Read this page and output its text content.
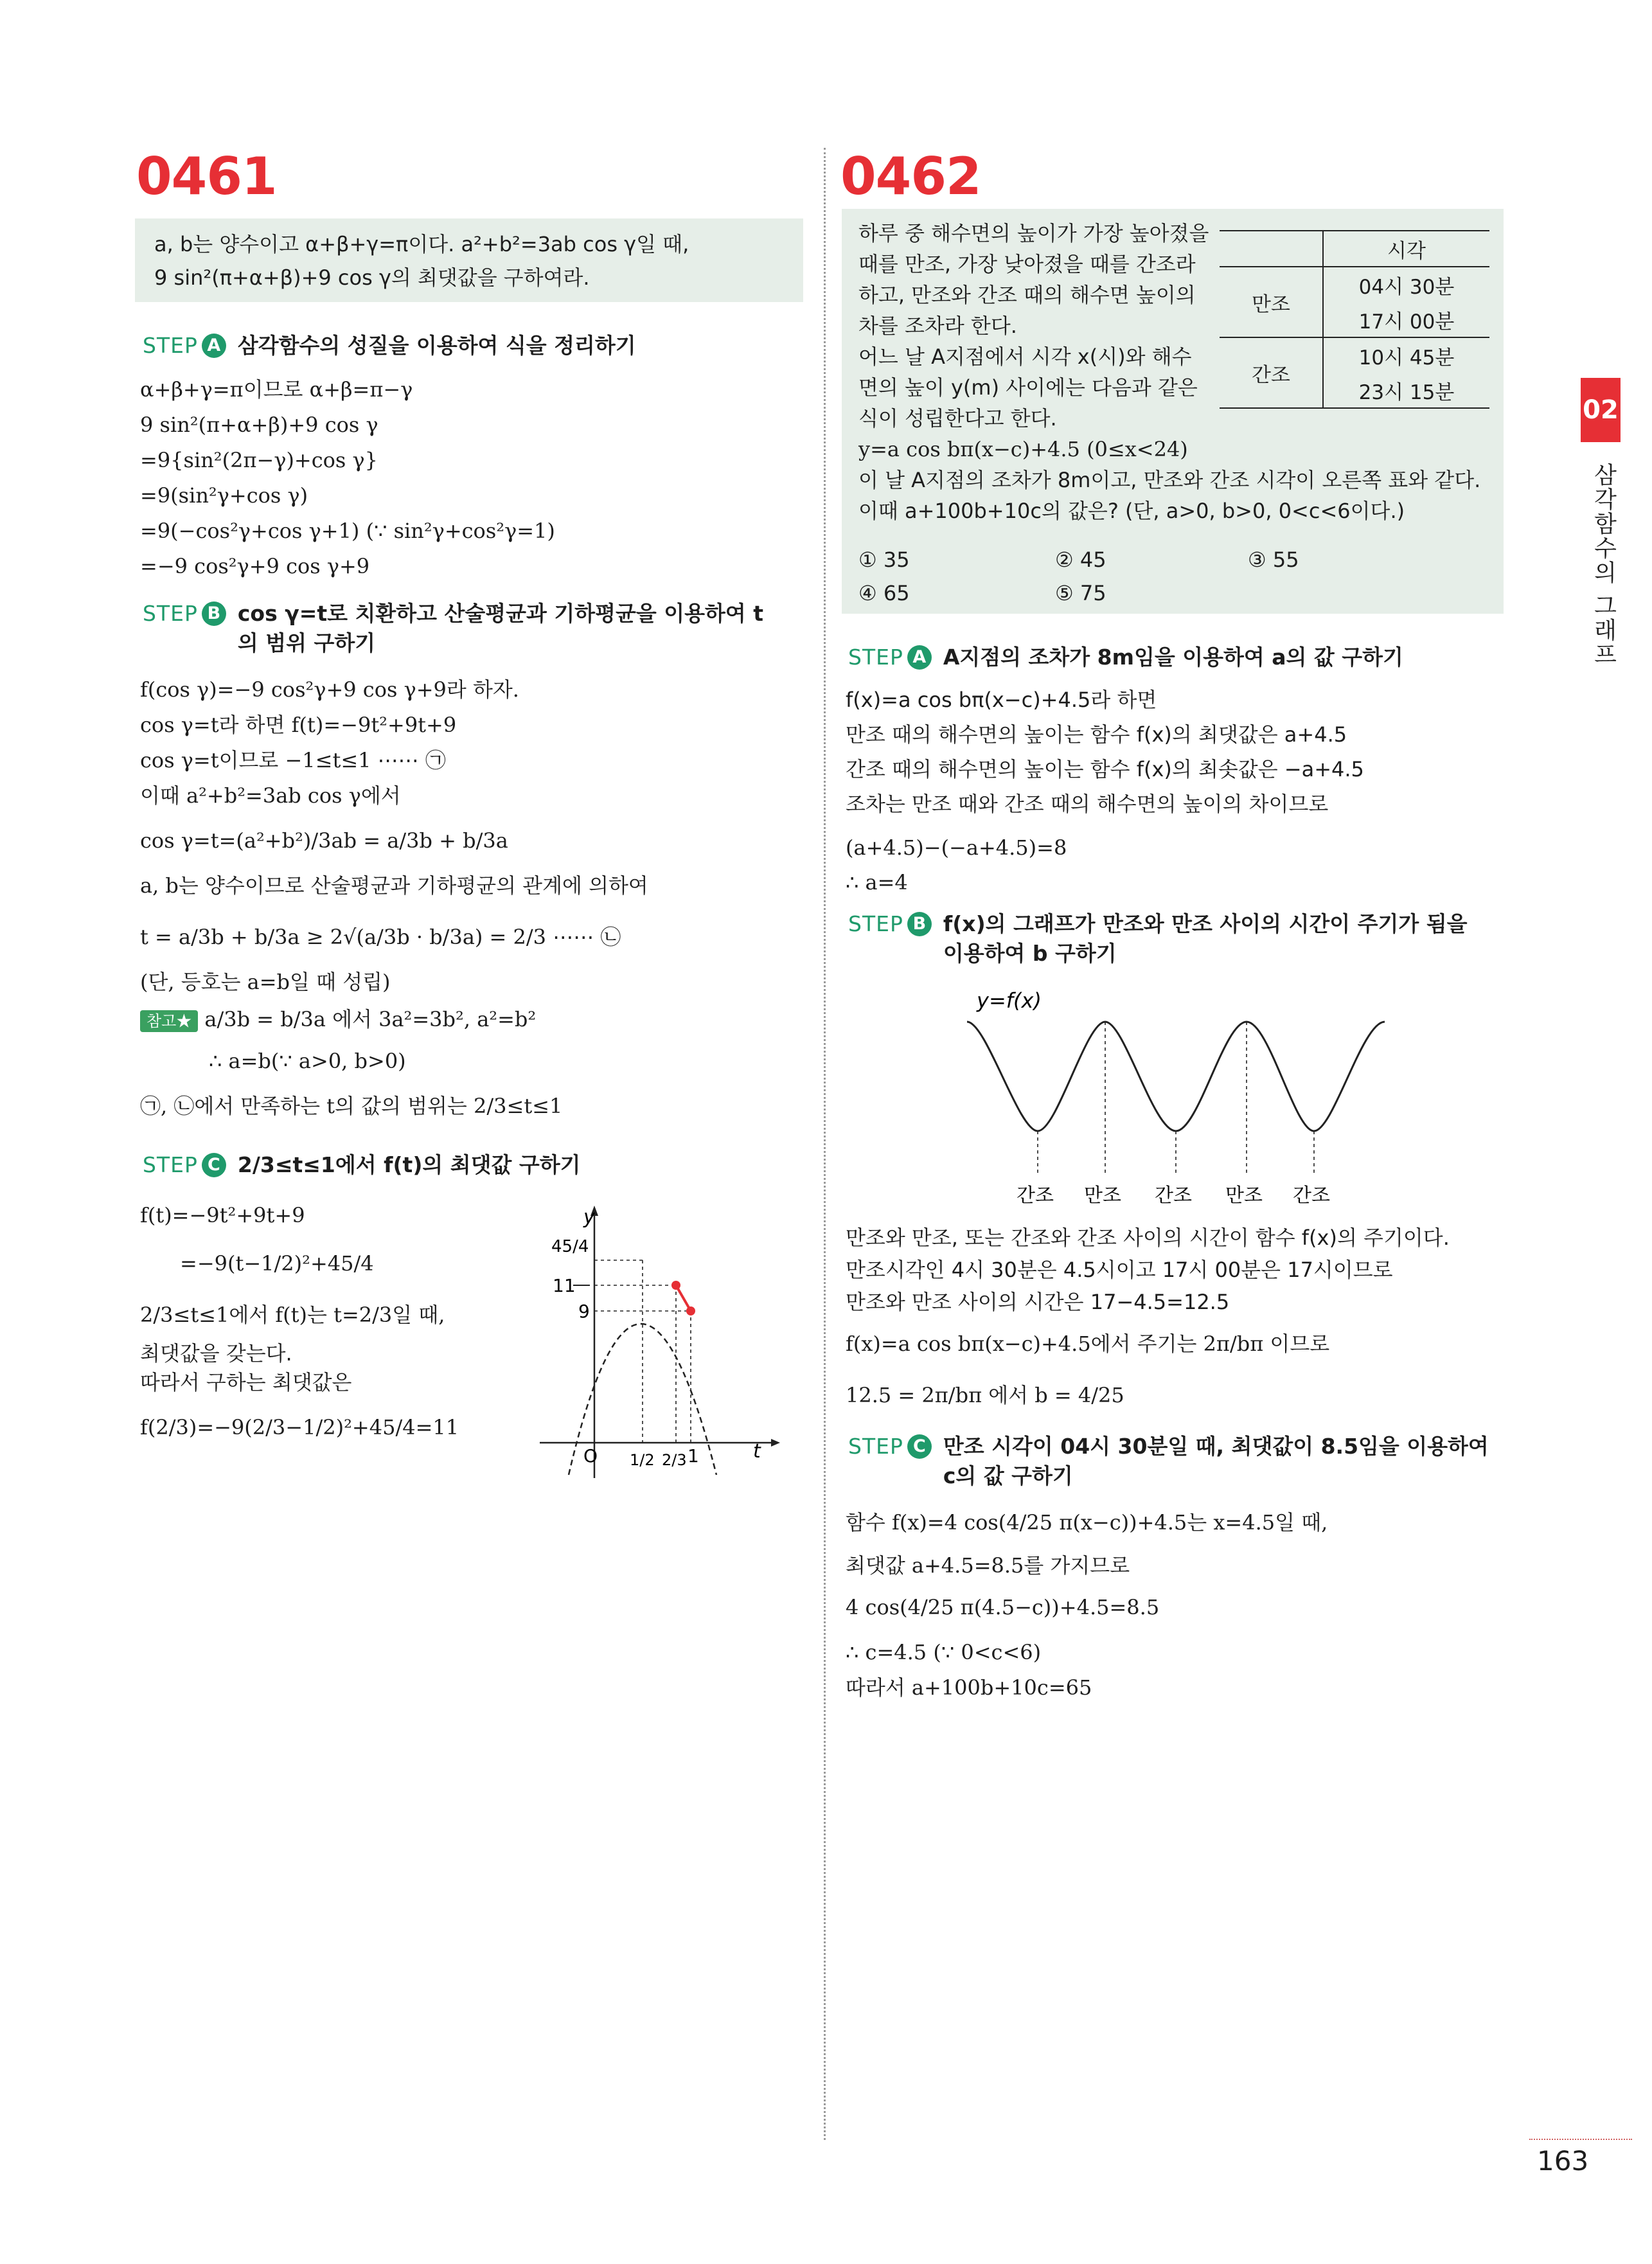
0461
a, b는 양수이고 α+β+γ=π이다. a²+b²=3ab cos γ일 때,
9 sin²(π+α+β)+9 cos γ의 최댓값을 구하여라.
STEP A 삼각함수의 성질을 이용하여 식을 정리하기
α+β+γ=π이므로 α+β=π−γ
9 sin²(π+α+β)+9 cos γ
=9{sin²(2π−γ)+cos γ}
=9(sin²γ+cos γ)
=9(−cos²γ+cos γ+1) (∵ sin²γ+cos²γ=1)
=−9 cos²γ+9 cos γ+9
STEP B cos γ=t로 치환하고 산술평균과 기하평균을 이용하여 t의 범위 구하기
f(cos γ)=−9 cos²γ+9 cos γ+9라 하자.
cos γ=t라 하면 f(t)=−9t²+9t+9
cos γ=t이므로 −1≤t≤1 ⋯⋯ ㉠
이때 a²+b²=3ab cos γ에서
cos γ=t=(a²+b²)/3ab = a/3b + b/3a
a, b는 양수이므로 산술평균과 기하평균의 관계에 의하여
t = a/3b + b/3a ≥ 2√(a/3b · b/3a) = 2/3 ⋯⋯ ㉡
(단, 등호는 a=b일 때 성립)
참고★ a/3b = b/3a 에서 3a²=3b², a²=b²
∴ a=b(∵ a>0, b>0)
㉠, ㉡에서 만족하는 t의 값의 범위는 2/3≤t≤1
STEP C 2/3≤t≤1에서 f(t)의 최댓값 구하기
f(t)=−9t²+9t+9
=−9(t−1/2)²+45/4
2/3≤t≤1에서 f(t)는 t=2/3일 때,
최댓값을 갖는다.
따라서 구하는 최댓값은
f(2/3)=−9(2/3−1/2)²+45/4=11
y
t
O
45/4
11
9
1/2 2/3 1
0462
하루 중 해수면의 높이가 가장 높아졌을
때를 만조, 가장 낮아졌을 때를 간조라
하고, 만조와 간조 때의 해수면 높이의
차를 조차라 한다.
어느 날 A지점에서 시각 x(시)와 해수
면의 높이 y(m) 사이에는 다음과 같은
식이 성립한다고 한다.
y=a cos bπ(x−c)+4.5 (0≤x<24)
이 날 A지점의 조차가 8m이고, 만조와 간조 시각이 오른쪽 표와 같다.
이때 a+100b+10c의 값은? (단, a>0, b>0, 0<c<6이다.)
	시각
만조	04시 30분
	17시 00분
간조	10시 45분
	23시 15분
① 35	② 45	③ 55
④ 65	⑤ 75
STEP A A지점의 조차가 8m임을 이용하여 a의 값 구하기
f(x)=a cos bπ(x−c)+4.5라 하면
만조 때의 해수면의 높이는 함수 f(x)의 최댓값은 a+4.5
간조 때의 해수면의 높이는 함수 f(x)의 최솟값은 −a+4.5
조차는 만조 때와 간조 때의 해수면의 높이의 차이므로
(a+4.5)−(−a+4.5)=8
∴ a=4
STEP B f(x)의 그래프가 만조와 만조 사이의 시간이 주기가 됨을 이용하여 b 구하기
y=f(x)
간조 만조 간조 만조 간조
만조와 만조, 또는 간조와 간조 사이의 시간이 함수 f(x)의 주기이다.
만조시각인 4시 30분은 4.5시이고 17시 00분은 17시이므로
만조와 만조 사이의 시간은 17−4.5=12.5
f(x)=a cos bπ(x−c)+4.5에서 주기는 2π/bπ 이므로
12.5 = 2π/bπ 에서 b = 4/25
STEP C 만조 시각이 04시 30분일 때, 최댓값이 8.5임을 이용하여 c의 값 구하기
함수 f(x)=4 cos(4/25 π(x−c))+4.5는 x=4.5일 때,
최댓값 a+4.5=8.5를 가지므로
4 cos(4/25 π(4.5−c))+4.5=8.5
∴ c=4.5 (∵ 0<c<6)
따라서 a+100b+10c=65
02
삼각함수의 그래프
163
